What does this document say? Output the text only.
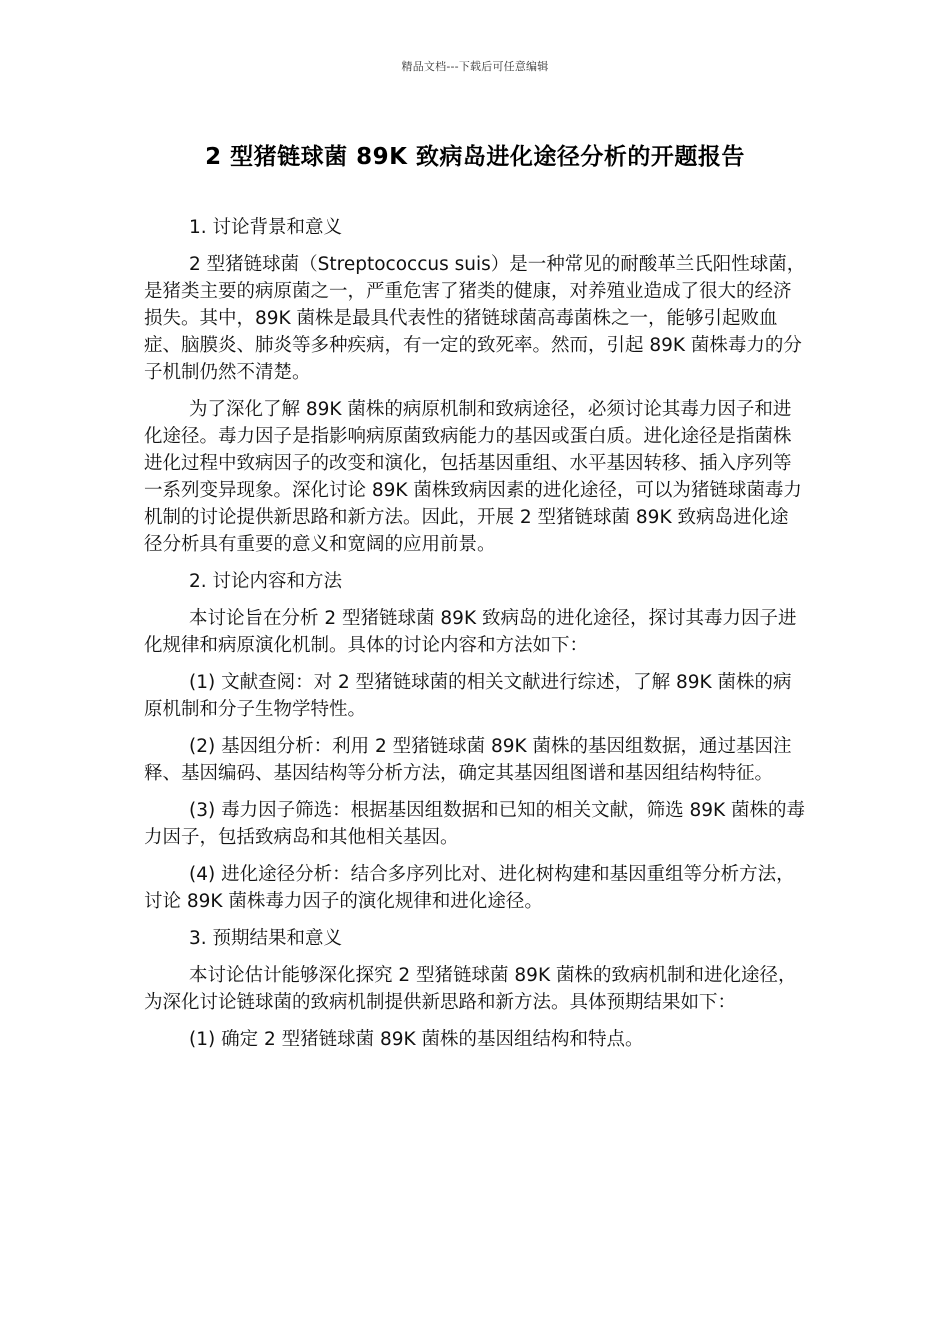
精品文档---下载后可任意编辑
2 型猪链球菌 89K 致病岛进化途径分析的开题报告

1. 讨论背景和意义

2 型猪链球菌（Streptococcus suis）是一种常见的耐酸革兰氏阳性球菌，是猪类主要的病原菌之一，严重危害了猪类的健康，对养殖业造成了很大的经济损失。其中，89K 菌株是最具代表性的猪链球菌高毒菌株之一，能够引起败血症、脑膜炎、肺炎等多种疾病，有一定的致死率。然而，引起 89K 菌株毒力的分子机制仍然不清楚。

为了深化了解 89K 菌株的病原机制和致病途径，必须讨论其毒力因子和进化途径。毒力因子是指影响病原菌致病能力的基因或蛋白质。进化途径是指菌株进化过程中致病因子的改变和演化，包括基因重组、水平基因转移、插入序列等一系列变异现象。深化讨论 89K 菌株致病因素的进化途径，可以为猪链球菌毒力机制的讨论提供新思路和新方法。因此，开展 2 型猪链球菌 89K 致病岛进化途径分析具有重要的意义和宽阔的应用前景。

2. 讨论内容和方法

本讨论旨在分析 2 型猪链球菌 89K 致病岛的进化途径，探讨其毒力因子进化规律和病原演化机制。具体的讨论内容和方法如下：

(1) 文献查阅：对 2 型猪链球菌的相关文献进行综述，了解 89K 菌株的病原机制和分子生物学特性。

(2) 基因组分析：利用 2 型猪链球菌 89K 菌株的基因组数据，通过基因注释、基因编码、基因结构等分析方法，确定其基因组图谱和基因组结构特征。

(3) 毒力因子筛选：根据基因组数据和已知的相关文献，筛选 89K 菌株的毒力因子，包括致病岛和其他相关基因。

(4) 进化途径分析：结合多序列比对、进化树构建和基因重组等分析方法，讨论 89K 菌株毒力因子的演化规律和进化途径。

3. 预期结果和意义

本讨论估计能够深化探究 2 型猪链球菌 89K 菌株的致病机制和进化途径，为深化讨论链球菌的致病机制提供新思路和新方法。具体预期结果如下：

(1) 确定 2 型猪链球菌 89K 菌株的基因组结构和特点。
